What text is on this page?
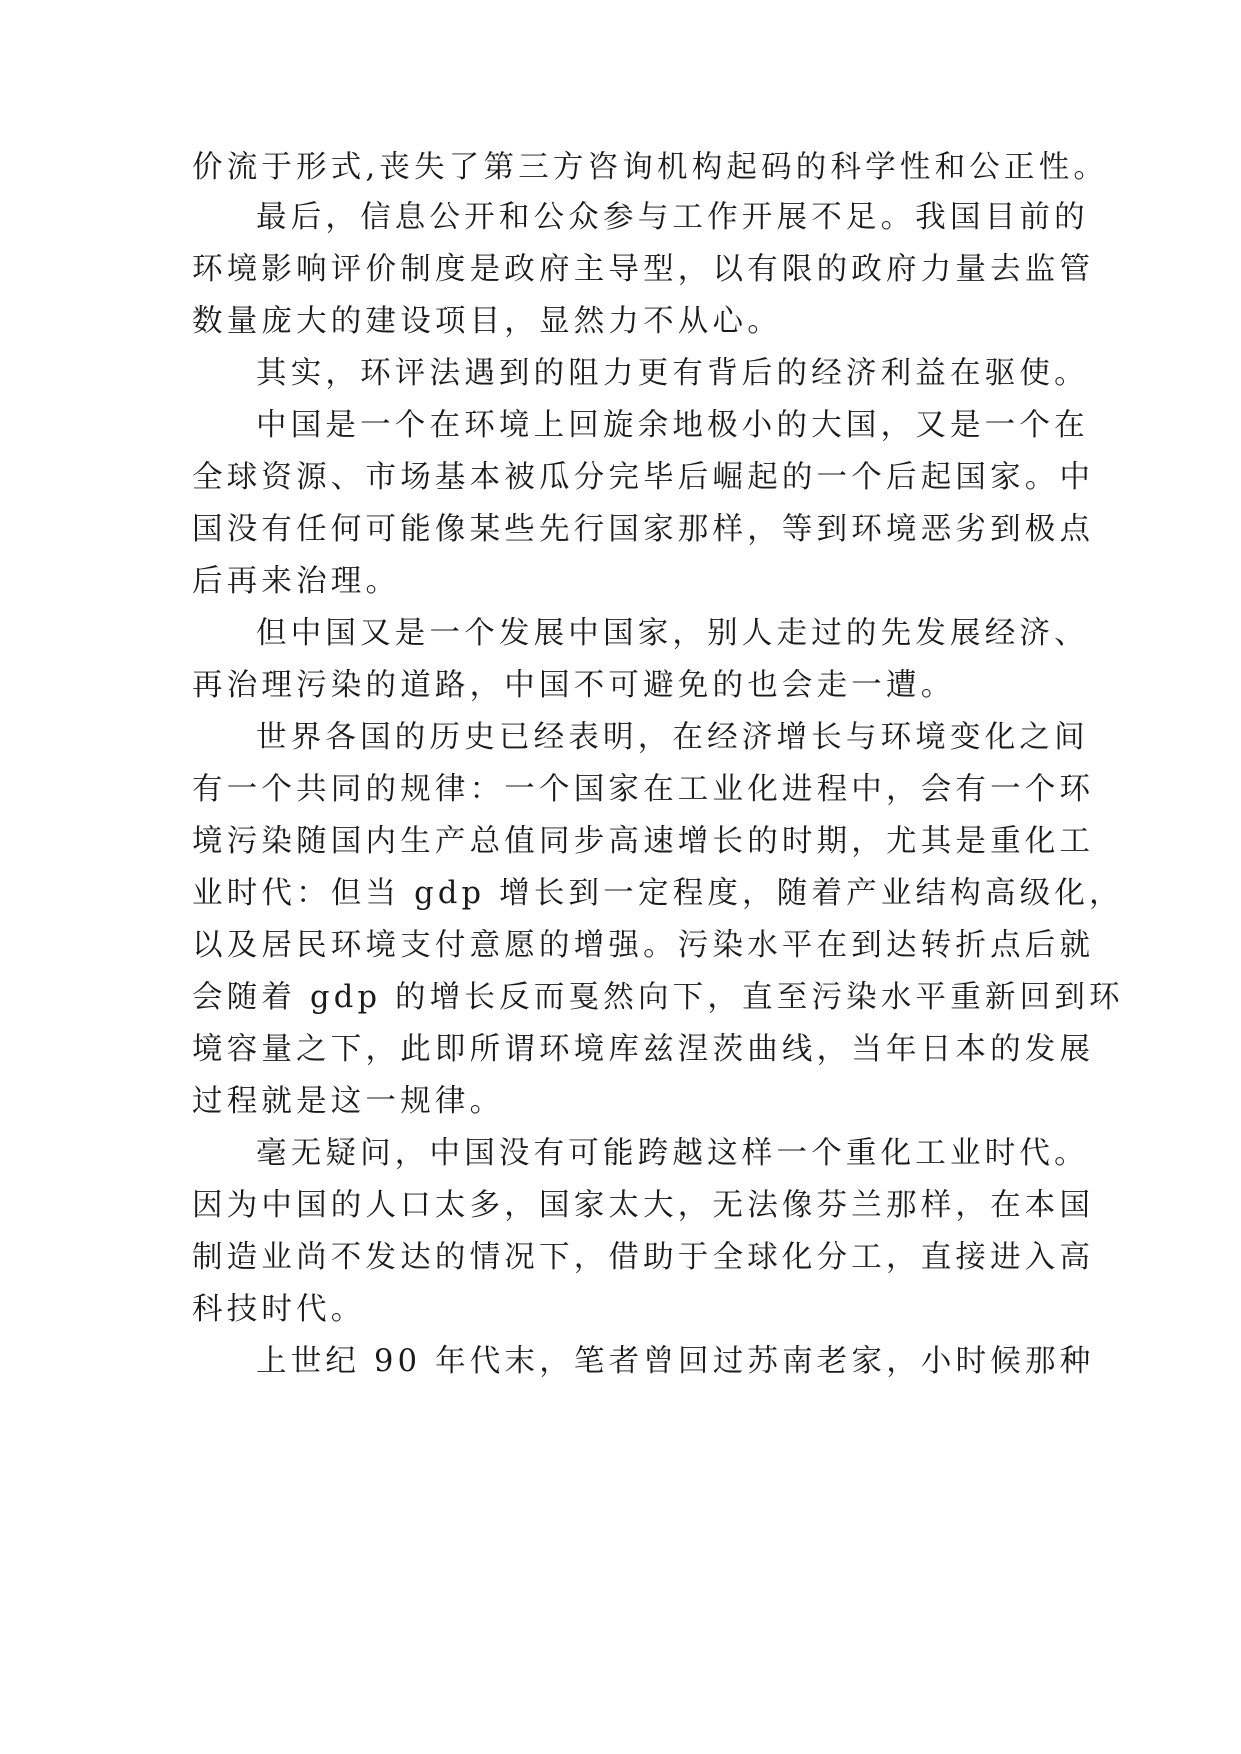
价流于形式,丧失了第三方咨询机构起码的科学性和公正性。
最后，信息公开和公众参与工作开展不足。我国目前的
环境影响评价制度是政府主导型，以有限的政府力量去监管
数量庞大的建设项目，显然力不从心。
其实，环评法遇到的阻力更有背后的经济利益在驱使。
中国是一个在环境上回旋余地极小的大国，又是一个在
全球资源、市场基本被瓜分完毕后崛起的一个后起国家。中
国没有任何可能像某些先行国家那样，等到环境恶劣到极点
后再来治理。
但中国又是一个发展中国家，别人走过的先发展经济、
再治理污染的道路，中国不可避免的也会走一遭。
世界各国的历史已经表明，在经济增长与环境变化之间
有一个共同的规律：一个国家在工业化进程中，会有一个环
境污染随国内生产总值同步高速增长的时期，尤其是重化工
业时代：但当 gdp 增长到一定程度，随着产业结构高级化，
以及居民环境支付意愿的增强。污染水平在到达转折点后就
会随着 gdp 的增长反而戛然向下，直至污染水平重新回到环
境容量之下，此即所谓环境库兹涅茨曲线，当年日本的发展
过程就是这一规律。
毫无疑问，中国没有可能跨越这样一个重化工业时代。
因为中国的人口太多，国家太大，无法像芬兰那样，在本国
制造业尚不发达的情况下，借助于全球化分工，直接进入高
科技时代。
上世纪 90 年代末，笔者曾回过苏南老家，小时候那种
